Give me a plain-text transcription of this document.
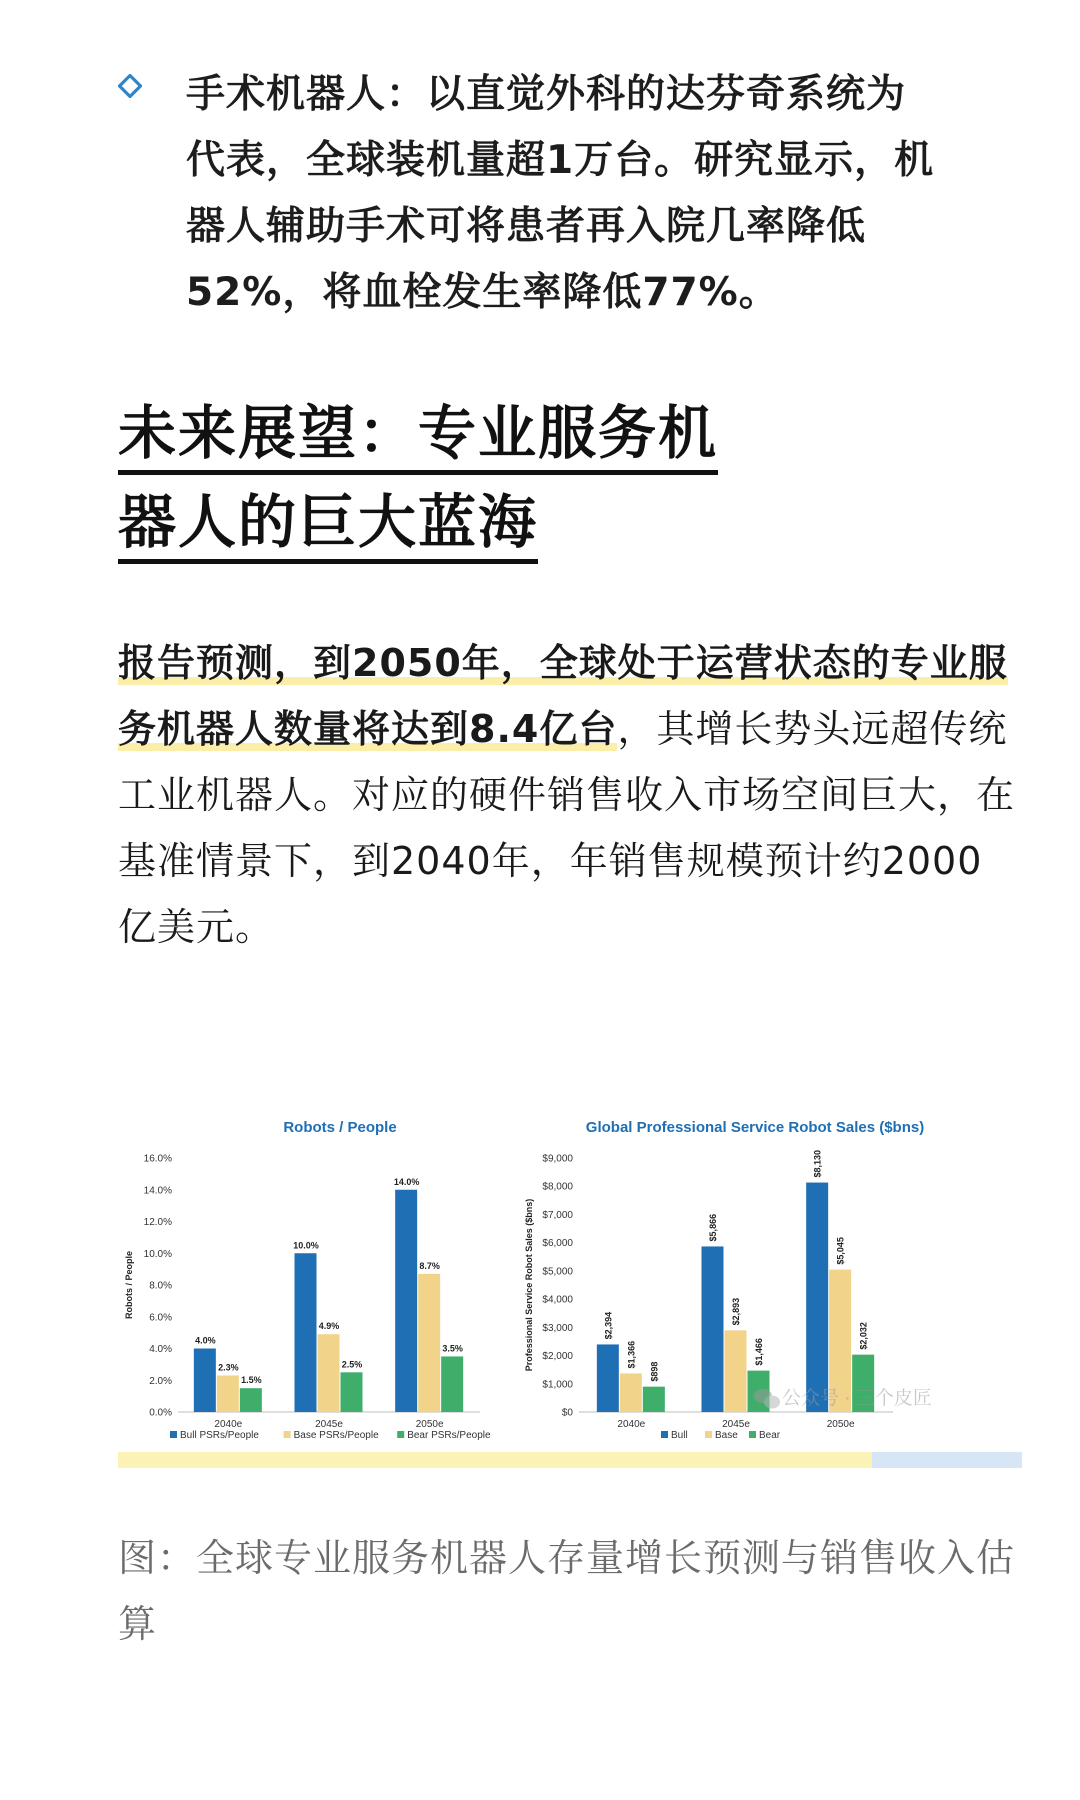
手术机器人：以直觉外科的达芬奇系统为代表，全球装机量超1万台。研究显示，机器人辅助手术可将患者再入院几率降低52%，将血栓发生率降低77%。
未来展望：专业服务机
器人的巨大蓝海
报告预测，到2050年，全球处于运营状态的专业服务机器人数量将达到8.4亿台，其增长势头远超传统工业机器人。对应的硬件销售收入市场空间巨大，在基准情景下，到2040年，年销售规模预计约2000亿美元。
Robots / People
0.0%
2.0%
4.0%
6.0%
8.0%
10.0%
12.0%
14.0%
16.0%
Robots / People
2040e
4.0%
2.3%
1.5%
2045e
10.0%
4.9%
2.5%
2050e
14.0%
8.7%
3.5%
Bull PSRs/People	Base PSRs/People	Bear PSRs/People
Global Professional Service Robot Sales ($bns)
$0
$1,000
$2,000
$3,000
$4,000
$5,000
$6,000
$7,000
$8,000
$9,000
Professional Service Robot Sales ($bns)
2040e
$2,394
$1,366
$898
2045e
$5,866
$2,893
$1,466
2050e
$8,130
$5,045
$2,032
Bull	Base Bear
公众号 · 三个皮匠
图：全球专业服务机器人存量增长预测与销售收入估算
